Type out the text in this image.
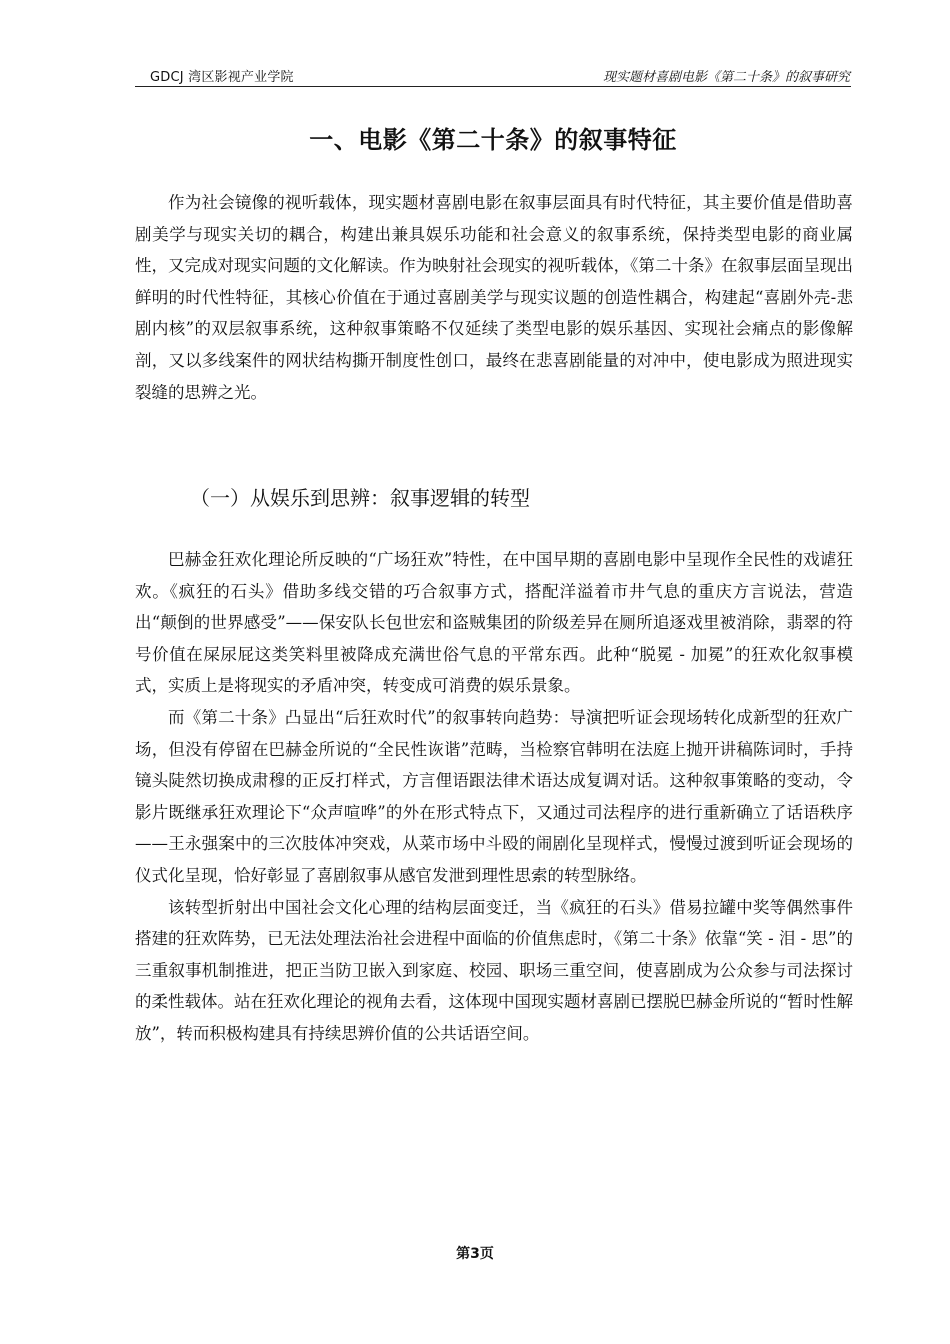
GDCJ 湾区影视产业学院	现实题材喜剧电影《第二十条》的叙事研究
一、电影《第二十条》的叙事特征

作为社会镜像的视听载体，现实题材喜剧电影在叙事层面具有时代特征，其主要价值是借助喜剧美学与现实关切的耦合，构建出兼具娱乐功能和社会意义的叙事系统，保持类型电影的商业属性，又完成对现实问题的文化解读。作为映射社会现实的视听载体，《第二十条》在叙事层面呈现出鲜明的时代性特征，其核心价值在于通过喜剧美学与现实议题的创造性耦合，构建起“喜剧外壳-悲剧内核”的双层叙事系统，这种叙事策略不仅延续了类型电影的娱乐基因、实现社会痛点的影像解剖，又以多线案件的网状结构撕开制度性创口，最终在悲喜剧能量的对冲中，使电影成为照进现实裂缝的思辨之光。

（一）从娱乐到思辨：叙事逻辑的转型

巴赫金狂欢化理论所反映的“广场狂欢”特性，在中国早期的喜剧电影中呈现作全民性的戏谑狂欢。《疯狂的石头》借助多线交错的巧合叙事方式，搭配洋溢着市井气息的重庆方言说法，营造出“颠倒的世界感受”——保安队长包世宏和盗贼集团的阶级差异在厕所追逐戏里被消除，翡翠的符号价值在屎尿屁这类笑料里被降成充满世俗气息的平常东西。此种“脱冕 - 加冕”的狂欢化叙事模式，实质上是将现实的矛盾冲突，转变成可消费的娱乐景象。

而《第二十条》凸显出“后狂欢时代”的叙事转向趋势：导演把听证会现场转化成新型的狂欢广场，但没有停留在巴赫金所说的“全民性诙谐”范畴，当检察官韩明在法庭上抛开讲稿陈词时，手持镜头陡然切换成肃穆的正反打样式，方言俚语跟法律术语达成复调对话。这种叙事策略的变动，令影片既继承狂欢理论下“众声喧哗”的外在形式特点下，又通过司法程序的进行重新确立了话语秩序——王永强案中的三次肢体冲突戏，从菜市场中斗殴的闹剧化呈现样式，慢慢过渡到听证会现场的仪式化呈现，恰好彰显了喜剧叙事从感官发泄到理性思索的转型脉络。

该转型折射出中国社会文化心理的结构层面变迁，当《疯狂的石头》借易拉罐中奖等偶然事件搭建的狂欢阵势，已无法处理法治社会进程中面临的价值焦虑时，《第二十条》依靠“笑 - 泪 - 思”的三重叙事机制推进，把正当防卫嵌入到家庭、校园、职场三重空间，使喜剧成为公众参与司法探讨的柔性载体。站在狂欢化理论的视角去看，这体现中国现实题材喜剧已摆脱巴赫金所说的“暂时性解放”，转而积极构建具有持续思辨价值的公共话语空间。

第3页
